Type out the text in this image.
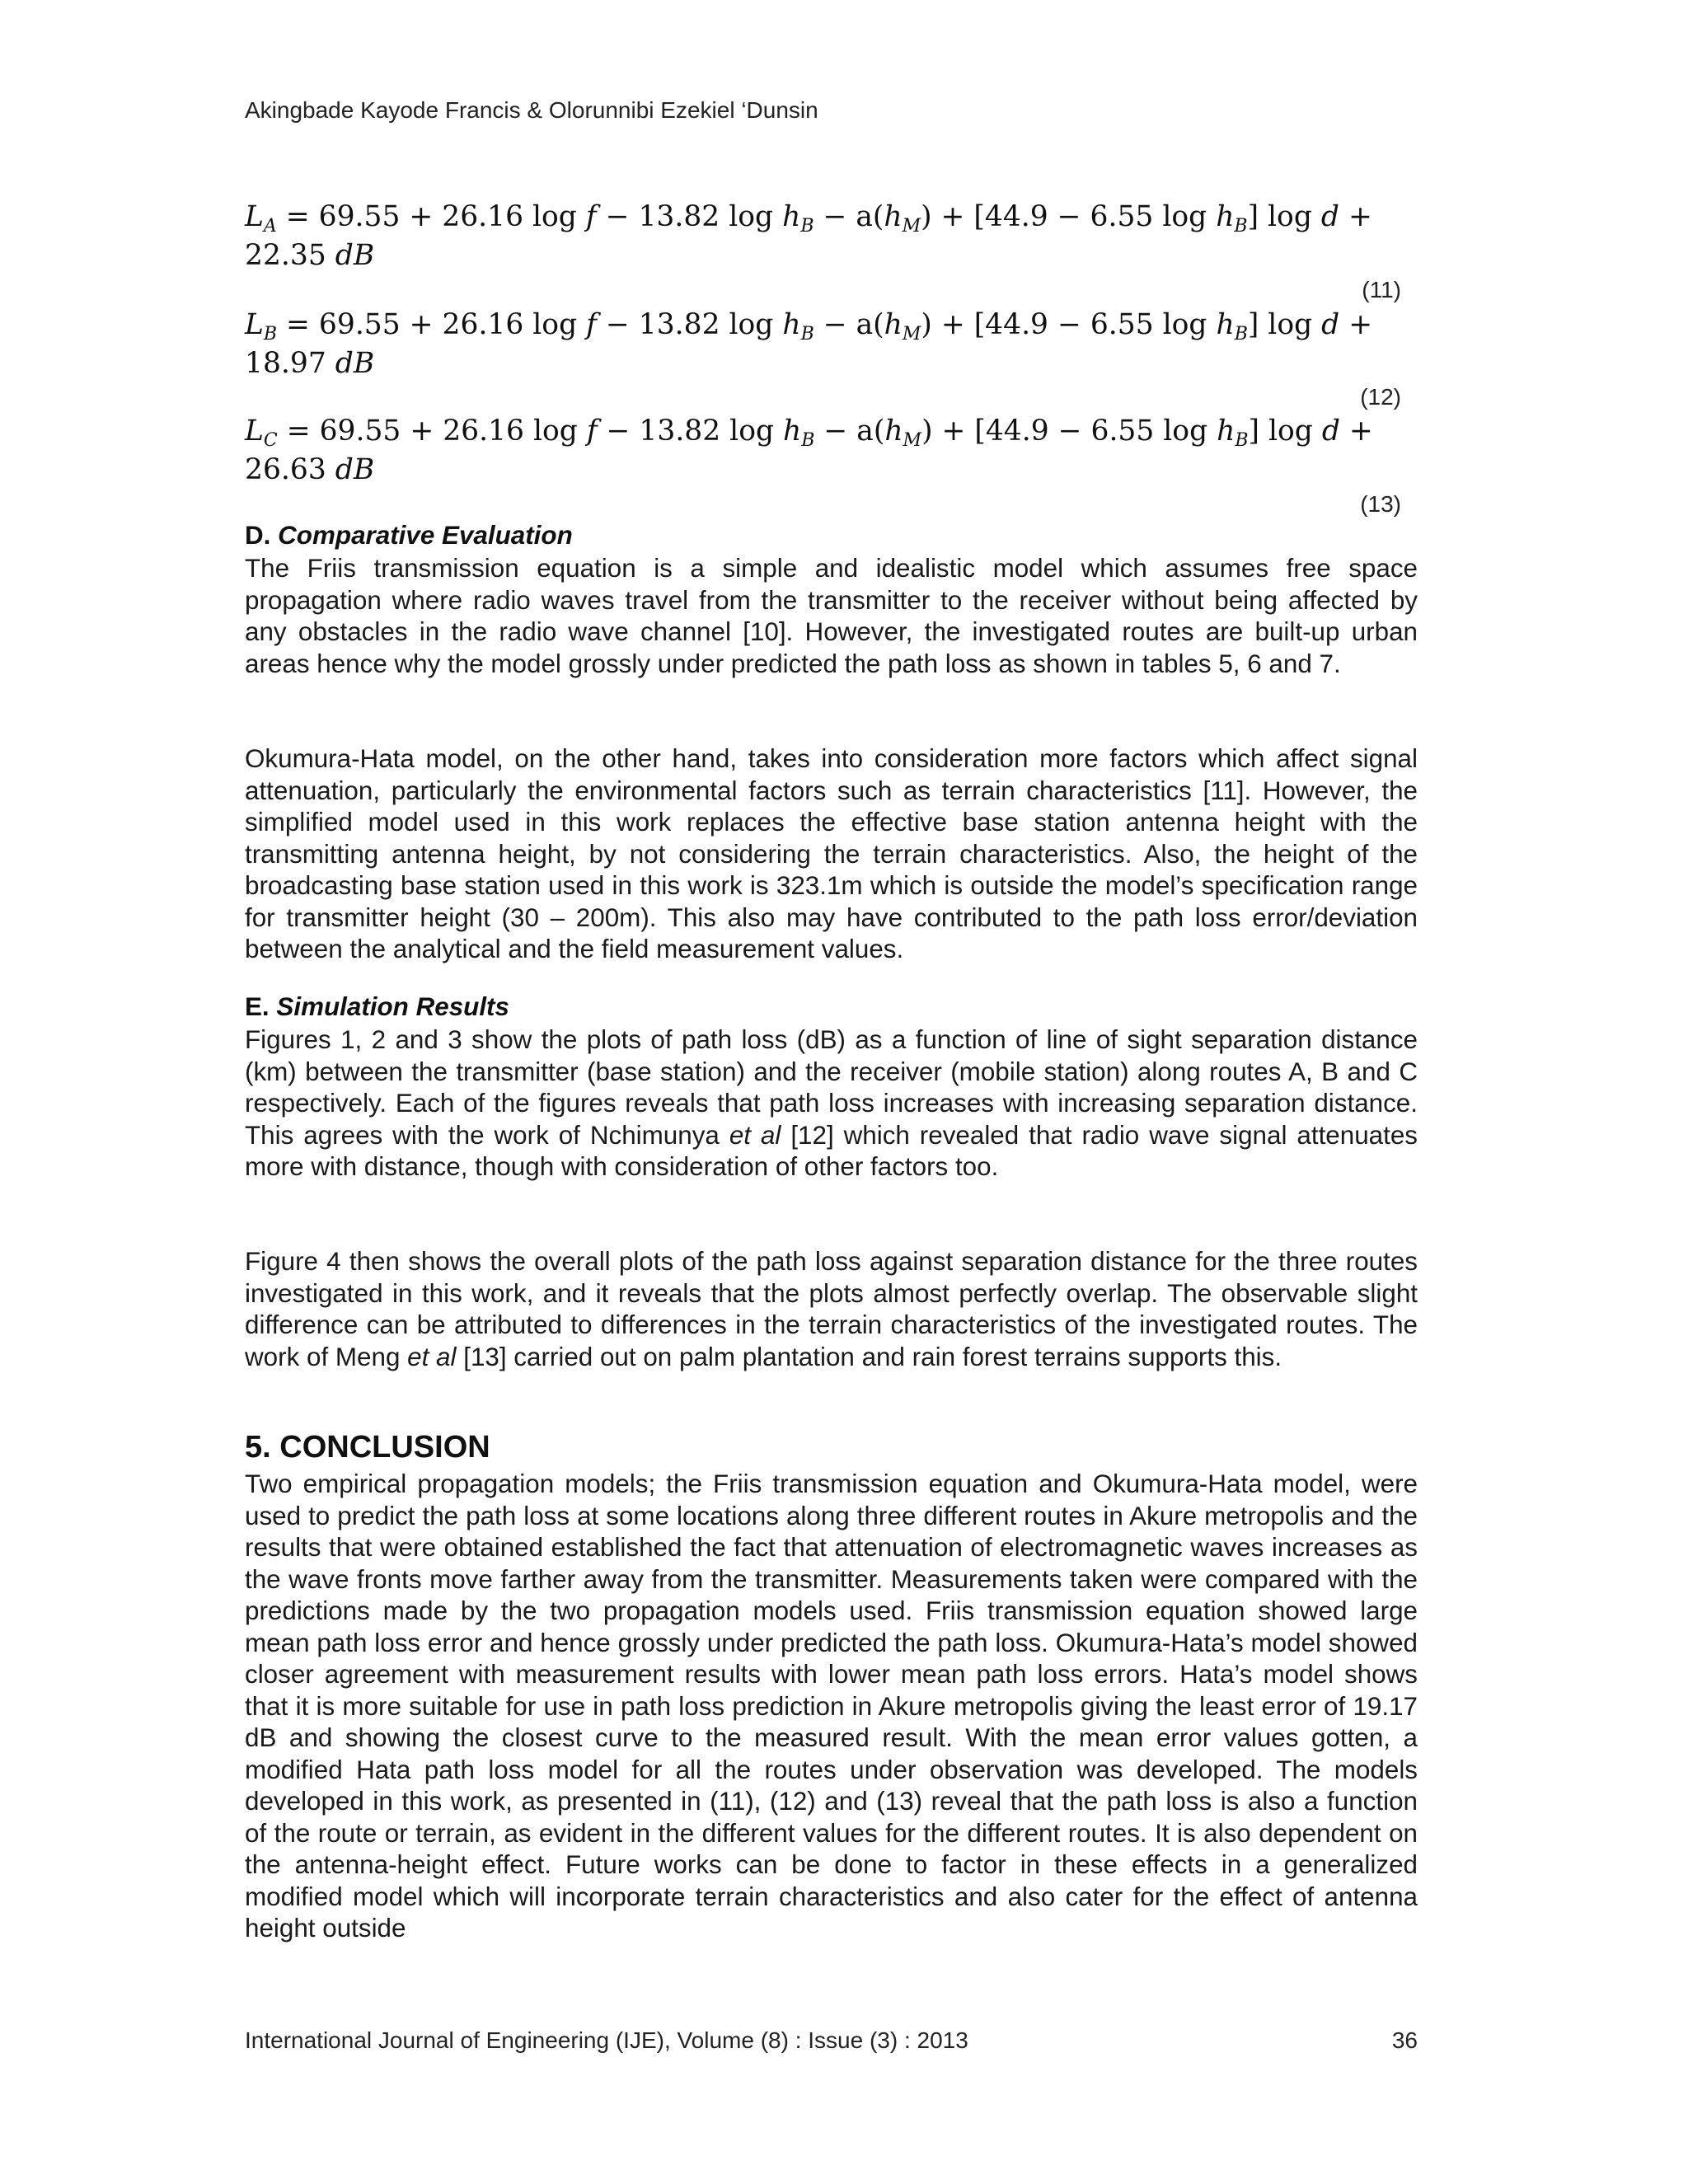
Akingbade Kayode Francis & Olorunnibi Ezekiel ‘Dunsin
$L_A = 69.55 + 26.16$ log f − 13.82 $\log h_B - a(h_M) + [44.9 - 6.55$ $\log h_B$] log d +
22.35 dB
(11)
$L_B = 69.55 + 26.16$ log f − 13.82 $\log h_B - a(h_M) + [44.9 - 6.55$ $\log h_B$] log d +
18.97 dB
(12)
$L_C = 69.55 + 26.16$ log f − 13.82 $\log h_B - a(h_M) + [44.9 - 6.55$ $\log h_B$] log d +
26.63 dB
(13)
D. Comparative Evaluation
The Friis transmission equation is a simple and idealistic model which assumes free space propagation where radio waves travel from the transmitter to the receiver without being affected by any obstacles in the radio wave channel [10]. However, the investigated routes are built-up urban areas hence why the model grossly under predicted the path loss as shown in tables 5, 6 and 7.
Okumura-Hata model, on the other hand, takes into consideration more factors which affect signal attenuation, particularly the environmental factors such as terrain characteristics [11]. However, the simplified model used in this work replaces the effective base station antenna height with the transmitting antenna height, by not considering the terrain characteristics. Also, the height of the broadcasting base station used in this work is 323.1m which is outside the model’s specification range for transmitter height (30 – 200m). This also may have contributed to the path loss error/deviation between the analytical and the field measurement values.
E. Simulation Results
Figures 1, 2 and 3 show the plots of path loss (dB) as a function of line of sight separation distance (km) between the transmitter (base station) and the receiver (mobile station) along routes A, B and C respectively. Each of the figures reveals that path loss increases with increasing separation distance. This agrees with the work of Nchimunya et al [12] which revealed that radio wave signal attenuates more with distance, though with consideration of other factors too.
Figure 4 then shows the overall plots of the path loss against separation distance for the three routes investigated in this work, and it reveals that the plots almost perfectly overlap. The observable slight difference can be attributed to differences in the terrain characteristics of the investigated routes. The work of Meng et al [13] carried out on palm plantation and rain forest terrains supports this.
5. CONCLUSION
Two empirical propagation models; the Friis transmission equation and Okumura-Hata model, were used to predict the path loss at some locations along three different routes in Akure metropolis and the results that were obtained established the fact that attenuation of electromagnetic waves increases as the wave fronts move farther away from the transmitter. Measurements taken were compared with the predictions made by the two propagation models used. Friis transmission equation showed large mean path loss error and hence grossly under predicted the path loss. Okumura-Hata’s model showed closer agreement with measurement results with lower mean path loss errors. Hata’s model shows that it is more suitable for use in path loss prediction in Akure metropolis giving the least error of 19.17 dB and showing the closest curve to the measured result. With the mean error values gotten, a modified Hata path loss model for all the routes under observation was developed. The models developed in this work, as presented in (11), (12) and (13) reveal that the path loss is also a function of the route or terrain, as evident in the different values for the different routes. It is also dependent on the antenna-height effect. Future works can be done to factor in these effects in a generalized modified model which will incorporate terrain characteristics and also cater for the effect of antenna height outside
International Journal of Engineering (IJE), Volume (8) : Issue (3) : 2013	36
